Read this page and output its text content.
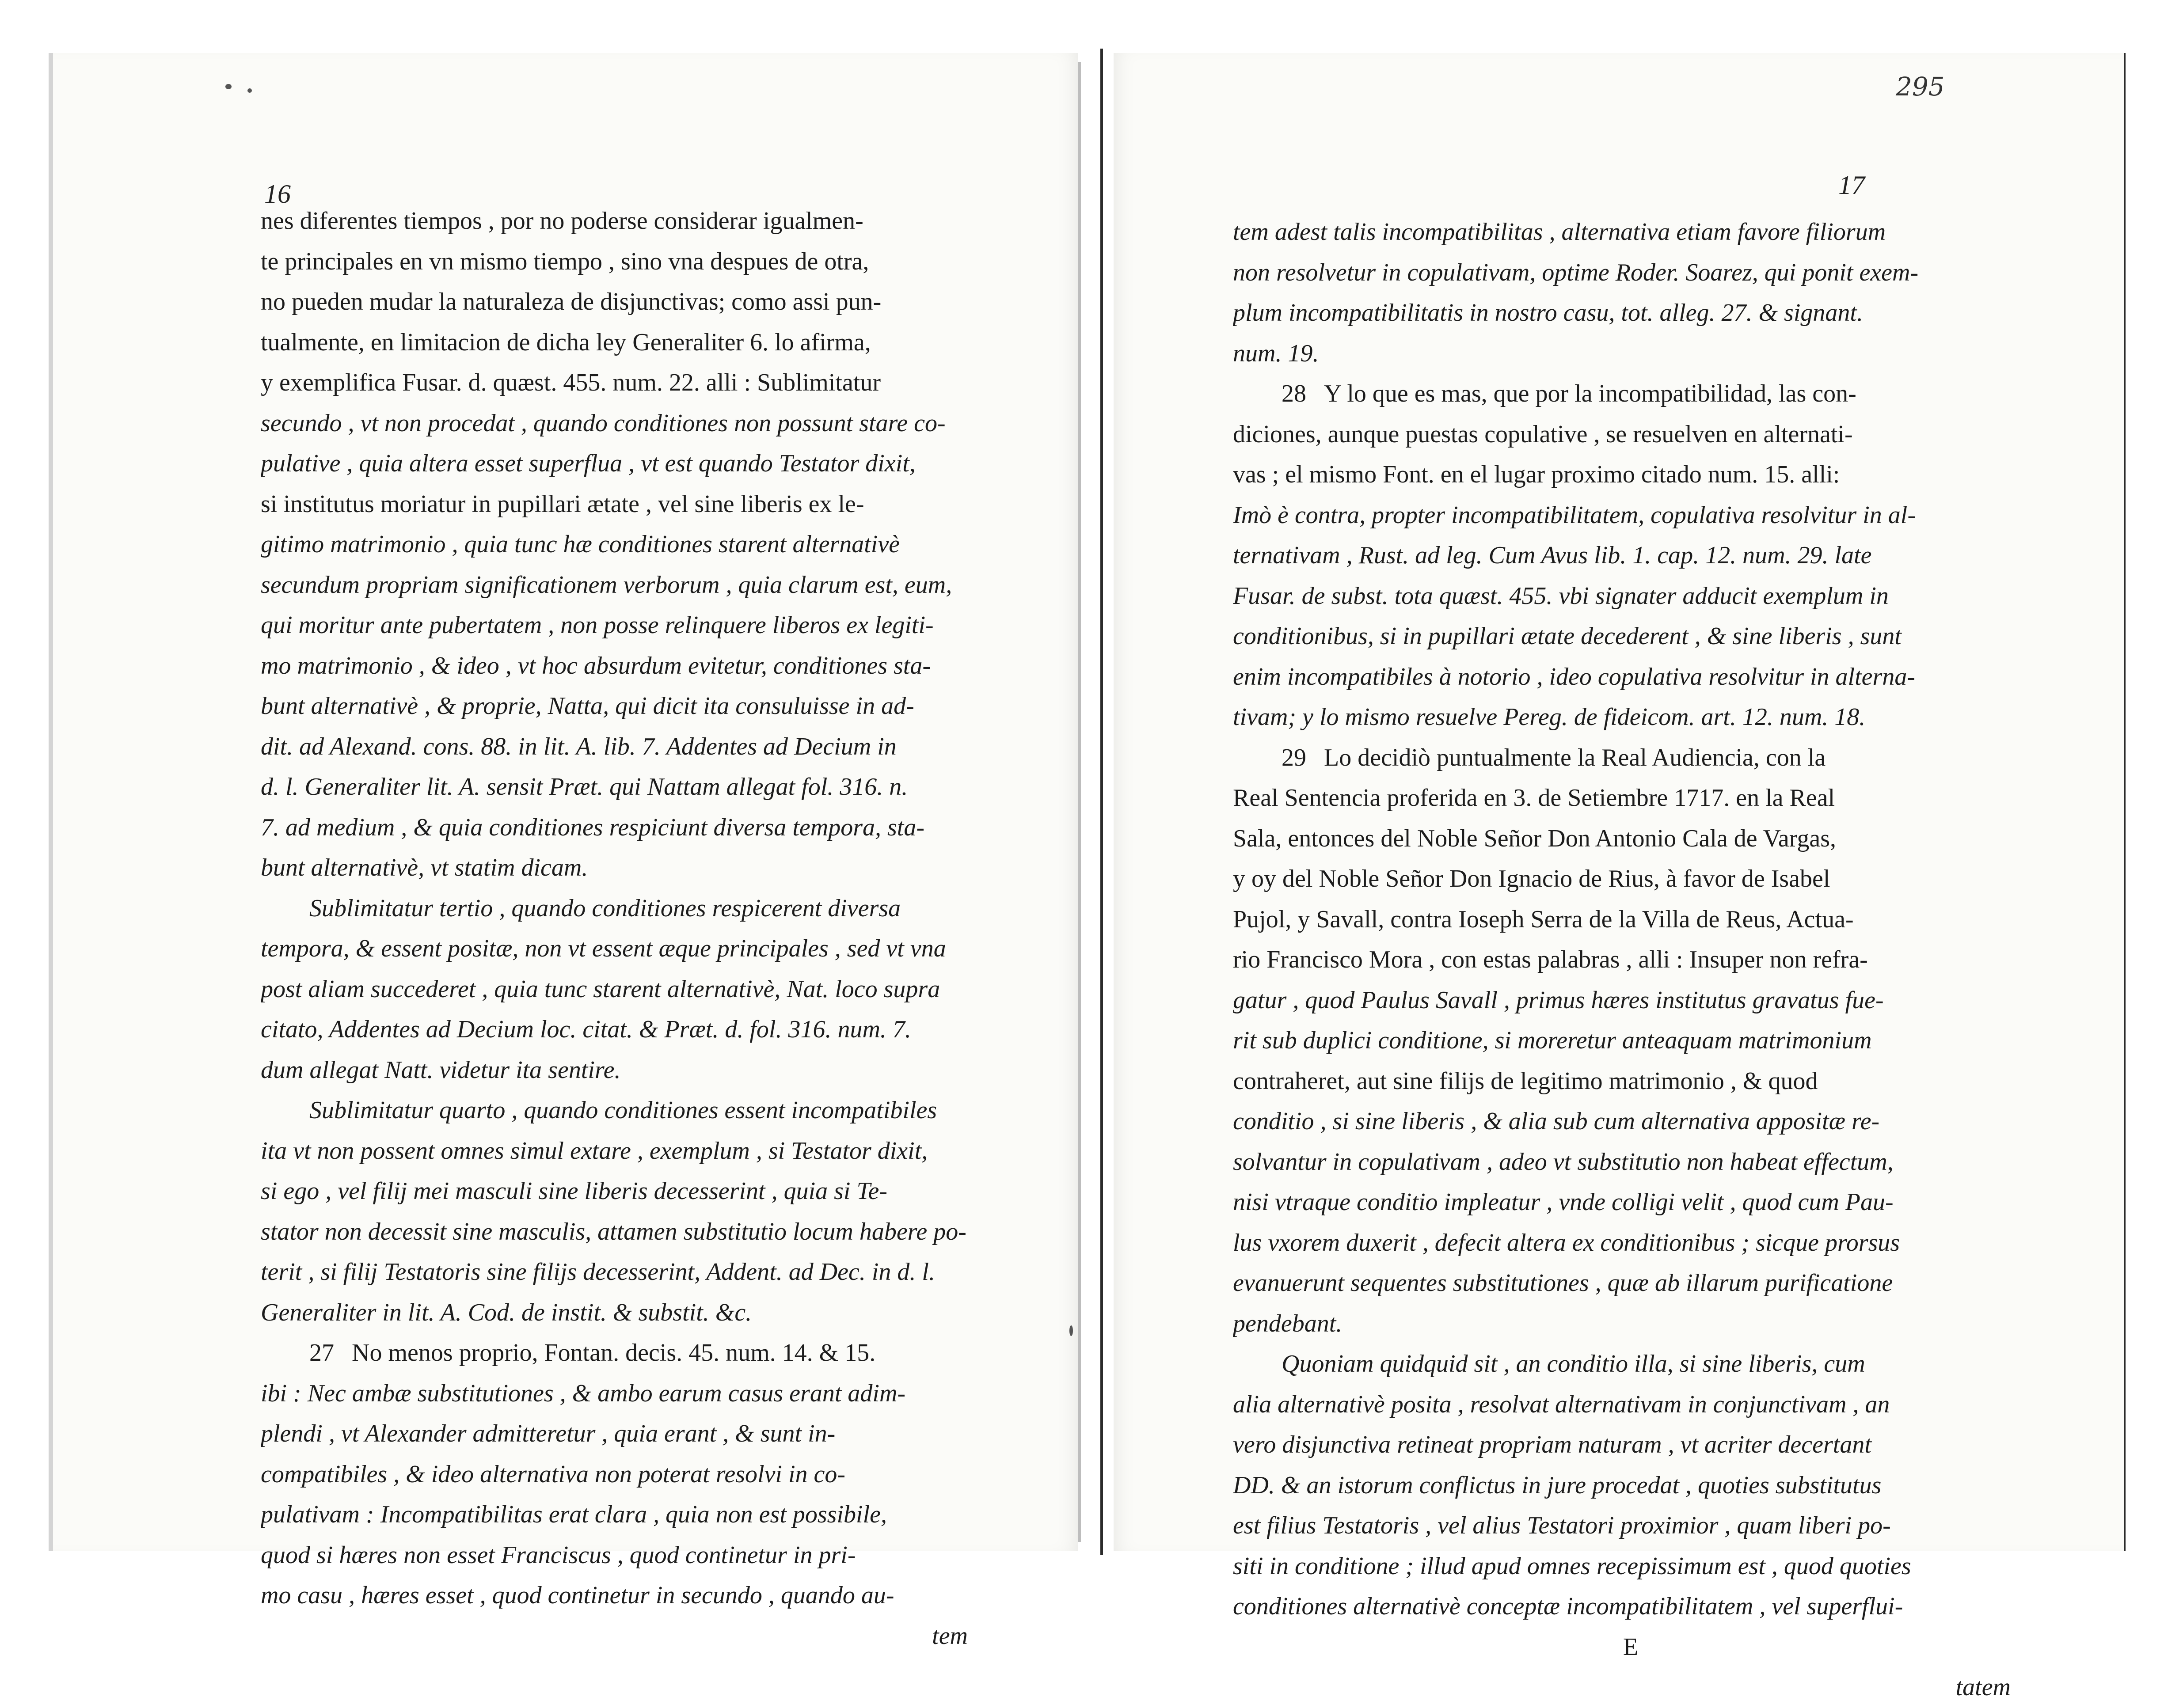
16	17
295
nes diferentes tiempos , por no poderse considerar igualmen-
te principales en vn mismo tiempo , sino vna despues de otra,
no pueden mudar la naturaleza de disjunctivas; como assi pun-
tualmente, en limitacion de dicha ley Generaliter 6. lo afirma,
y exemplifica Fusar. d. quæst. 455. num. 22. alli : Sublimitatur
secundo , vt non procedat , quando conditiones non possunt stare co-
pulative , quia altera esset superflua , vt est quando Testator dixit,
si institutus moriatur in pupillari ætate , vel sine liberis ex le-
gitimo matrimonio , quia tunc hæ conditiones starent alternativè
secundum propriam significationem verborum , quia clarum est, eum,
qui moritur ante pubertatem , non posse relinquere liberos ex legiti-
mo matrimonio , & ideo , vt hoc absurdum evitetur, conditiones sta-
bunt alternativè , & proprie, Natta, qui dicit ita consuluisse in ad-
dit. ad Alexand. cons. 88. in lit. A. lib. 7. Addentes ad Decium in
d. l. Generaliter lit. A. sensit Præt. qui Nattam allegat fol. 316. n.
7. ad medium , & quia conditiones respiciunt diversa tempora, sta-
bunt alternativè, vt statim dicam.
Sublimitatur tertio , quando conditiones respicerent diversa
tempora, & essent positæ, non vt essent æque principales , sed vt vna
post aliam succederet , quia tunc starent alternativè, Nat. loco supra
citato, Addentes ad Decium loc. citat. & Præt. d. fol. 316. num. 7.
dum allegat Natt. videtur ita sentire.
Sublimitatur quarto , quando conditiones essent incompatibiles
ita vt non possent omnes simul extare , exemplum , si Testator dixit,
si ego , vel filij mei masculi sine liberis decesserint , quia si Te-
stator non decessit sine masculis, attamen substitutio locum habere po-
terit , si filij Testatoris sine filijs decesserint, Addent. ad Dec. in d. l.
Generaliter in lit. A. Cod. de instit. & substit. &c.
27 No menos proprio, Fontan. decis. 45. num. 14. & 15.
ibi : Nec ambæ substitutiones , & ambo earum casus erant adim-
plendi , vt Alexander admitteretur , quia erant , & sunt in-
compatibiles , & ideo alternativa non poterat resolvi in co-
pulativam : Incompatibilitas erat clara , quia non est possibile,
quod si hæres non esset Franciscus , quod continetur in pri-
mo casu , hæres esset , quod continetur in secundo , quando au-
tem
tem adest talis incompatibilitas , alternativa etiam favore filiorum
non resolvetur in copulativam, optime Roder. Soarez, qui ponit exem-
plum incompatibilitatis in nostro casu, tot. alleg. 27. & signant.
num. 19.
28 Y lo que es mas, que por la incompatibilidad, las con-
diciones, aunque puestas copulative , se resuelven en alternati-
vas ; el mismo Font. en el lugar proximo citado num. 15. alli:
Imò è contra, propter incompatibilitatem, copulativa resolvitur in al-
ternativam , Rust. ad leg. Cum Avus lib. 1. cap. 12. num. 29. late
Fusar. de subst. tota quæst. 455. vbi signater adducit exemplum in
conditionibus, si in pupillari ætate decederent , & sine liberis , sunt
enim incompatibiles à notorio , ideo copulativa resolvitur in alterna-
tivam; y lo mismo resuelve Pereg. de fideicom. art. 12. num. 18.
29 Lo decidiò puntualmente la Real Audiencia, con la
Real Sentencia proferida en 3. de Setiembre 1717. en la Real
Sala, entonces del Noble Señor Don Antonio Cala de Vargas,
y oy del Noble Señor Don Ignacio de Rius, à favor de Isabel
Pujol, y Savall, contra Ioseph Serra de la Villa de Reus, Actua-
rio Francisco Mora , con estas palabras , alli : Insuper non refra-
gatur , quod Paulus Savall , primus hæres institutus gravatus fue-
rit sub duplici conditione, si moreretur anteaquam matrimonium
contraheret, aut sine filijs de legitimo matrimonio , & quod
conditio , si sine liberis , & alia sub cum alternativa appositæ re-
solvantur in copulativam , adeo vt substitutio non habeat effectum,
nisi vtraque conditio impleatur , vnde colligi velit , quod cum Pau-
lus vxorem duxerit , defecit altera ex conditionibus ; sicque prorsus
evanuerunt sequentes substitutiones , quæ ab illarum purificatione
pendebant.
Quoniam quidquid sit , an conditio illa, si sine liberis, cum
alia alternativè posita , resolvat alternativam in conjunctivam , an
vero disjunctiva retineat propriam naturam , vt acriter decertant
DD. & an istorum conflictus in jure procedat , quoties substitutus
est filius Testatoris , vel alius Testatori proximior , quam liberi po-
siti in conditione ; illud apud omnes recepissimum est , quod quoties
conditiones alternativè conceptæ incompatibilitatem , vel superflui-
E
tatem
